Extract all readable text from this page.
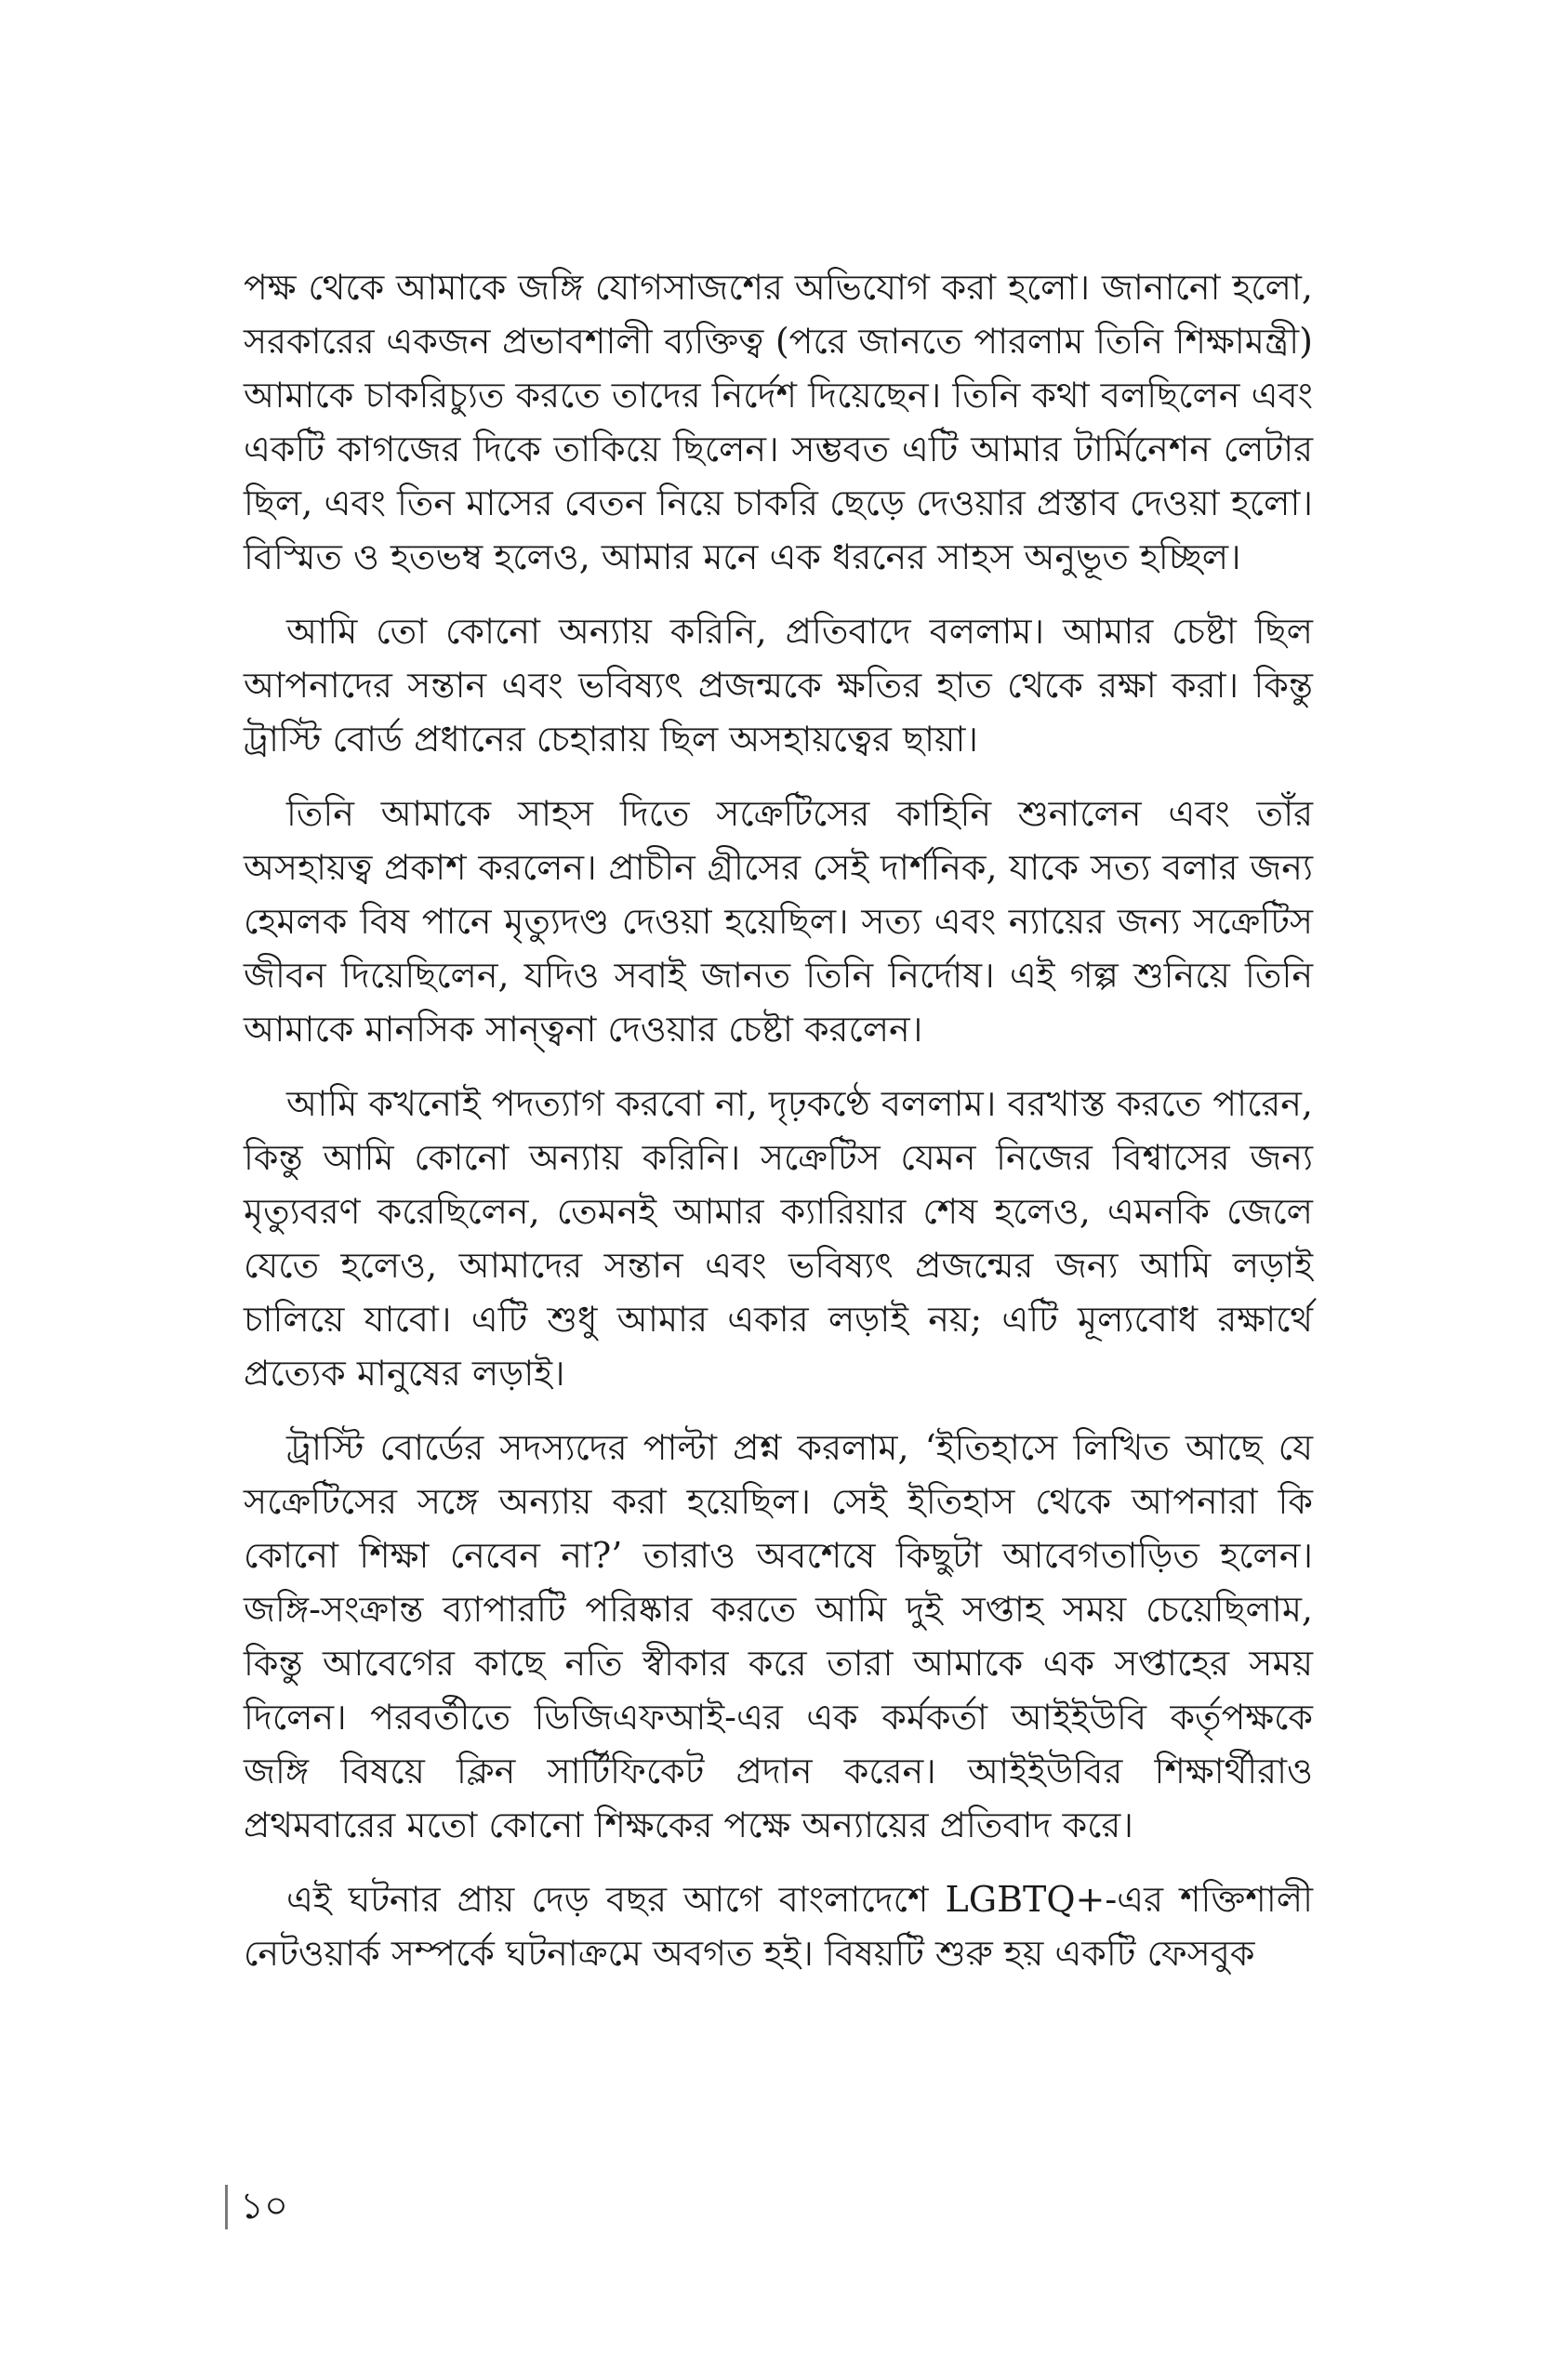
পক্ষ থেকে আমাকে জঙ্গি যোগসাজশের অভিযোগ করা হলো। জানানো হলো, সরকারের একজন প্রভাবশালী ব্যক্তিত্ব (পরে জানতে পারলাম তিনি শিক্ষামন্ত্রী) আমাকে চাকরিচ্যুত করতে তাদের নির্দেশ দিয়েছেন। তিনি কথা বলছিলেন এবং একটি কাগজের দিকে তাকিয়ে ছিলেন। সম্ভবত এটি আমার টার্মিনেশন লেটার ছিল, এবং তিন মাসের বেতন নিয়ে চাকরি ছেড়ে দেওয়ার প্রস্তাব দেওয়া হলো। বিস্মিত ও হতভম্ব হলেও, আমার মনে এক ধরনের সাহস অনুভূত হচ্ছিল।

আমি তো কোনো অন্যায় করিনি, প্রতিবাদে বললাম। আমার চেষ্টা ছিল আপনাদের সন্তান এবং ভবিষ্যৎ প্রজন্মকে ক্ষতির হাত থেকে রক্ষা করা। কিন্তু ট্রাস্টি বোর্ড প্রধানের চেহারায় ছিল অসহায়ত্বের ছায়া।

তিনি আমাকে সাহস দিতে সক্রেটিসের কাহিনি শুনালেন এবং তাঁর অসহায়ত্ব প্রকাশ করলেন। প্রাচীন গ্রীসের সেই দার্শনিক, যাকে সত্য বলার জন্য হেমলক বিষ পানে মৃত্যুদণ্ড দেওয়া হয়েছিল। সত্য এবং ন্যায়ের জন্য সক্রেটিস জীবন দিয়েছিলেন, যদিও সবাই জানত তিনি নির্দোষ। এই গল্প শুনিয়ে তিনি আমাকে মানসিক সান্ত্বনা দেওয়ার চেষ্টা করলেন।

আমি কখনোই পদত্যাগ করবো না, দৃঢ়কণ্ঠে বললাম। বরখাস্ত করতে পারেন, কিন্তু আমি কোনো অন্যায় করিনি। সক্রেটিস যেমন নিজের বিশ্বাসের জন্য মৃত্যুবরণ করেছিলেন, তেমনই আমার ক্যারিয়ার শেষ হলেও, এমনকি জেলে যেতে হলেও, আমাদের সন্তান এবং ভবিষ্যৎ প্রজন্মের জন্য আমি লড়াই চালিয়ে যাবো। এটি শুধু আমার একার লড়াই নয়; এটি মূল্যবোধ রক্ষার্থে প্রত্যেক মানুষের লড়াই।

ট্রাস্টি বোর্ডের সদস্যদের পাল্টা প্রশ্ন করলাম, ‘ইতিহাসে লিখিত আছে যে সক্রেটিসের সঙ্গে অন্যায় করা হয়েছিল। সেই ইতিহাস থেকে আপনারা কি কোনো শিক্ষা নেবেন না?’ তারাও অবশেষে কিছুটা আবেগতাড়িত হলেন। জঙ্গি-সংক্রান্ত ব্যাপারটি পরিষ্কার করতে আমি দুই সপ্তাহ সময় চেয়েছিলাম, কিন্তু আবেগের কাছে নতি স্বীকার করে তারা আমাকে এক সপ্তাহের সময় দিলেন। পরবর্তীতে ডিজিএফআই-এর এক কর্মকর্তা আইইউবি কর্তৃপক্ষকে জঙ্গি বিষয়ে ক্লিন সার্টিফিকেট প্রদান করেন। আইইউবির শিক্ষার্থীরাও প্রথমবারের মতো কোনো শিক্ষকের পক্ষে অন্যায়ের প্রতিবাদ করে।

এই ঘটনার প্রায় দেড় বছর আগে বাংলাদেশে LGBTQ+-এর শক্তিশালী নেটওয়ার্ক সম্পর্কে ঘটনাক্রমে অবগত হই। বিষয়টি শুরু হয় একটি ফেসবুক

১০
